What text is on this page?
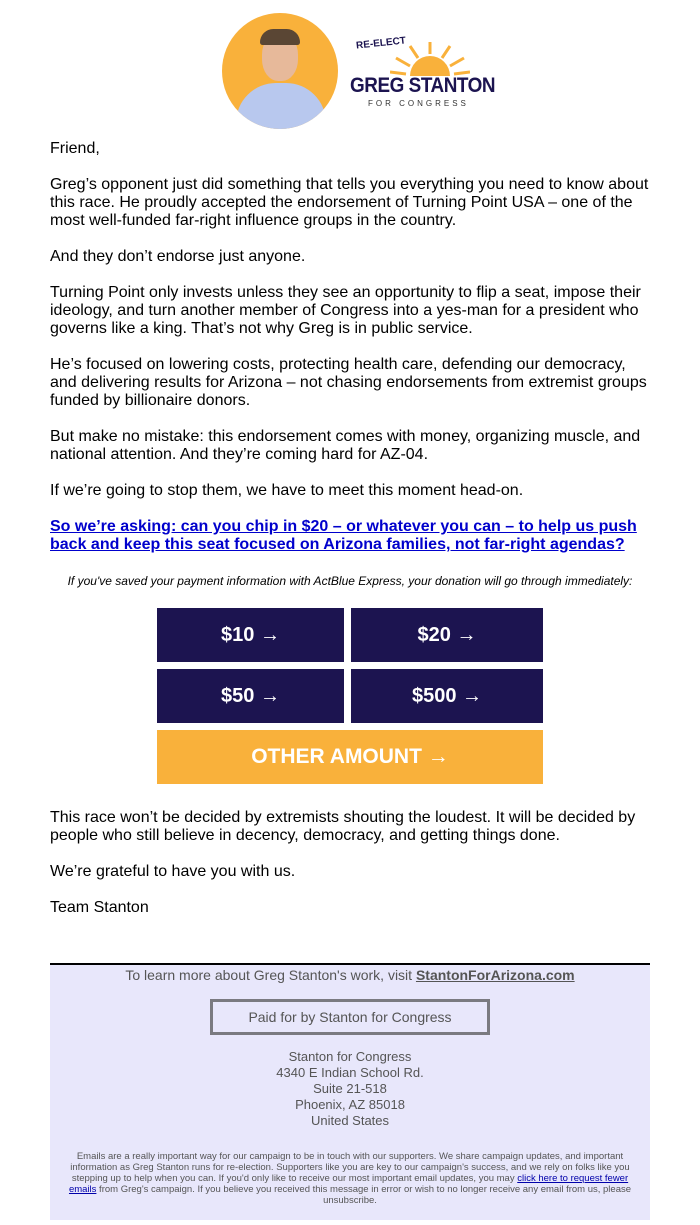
RE-ELECT
GREG STANTON
FOR CONGRESS

Friend,

Greg’s opponent just did something that tells you everything you need to know about this race. He proudly accepted the endorsement of Turning Point USA – one of the most well-funded far-right influence groups in the country.

And they don’t endorse just anyone.

Turning Point only invests unless they see an opportunity to flip a seat, impose their ideology, and turn another member of Congress into a yes-man for a president who governs like a king. That’s not why Greg is in public service.

He’s focused on lowering costs, protecting health care, defending our democracy, and delivering results for Arizona – not chasing endorsements from extremist groups funded by billionaire donors.

But make no mistake: this endorsement comes with money, organizing muscle, and national attention. And they’re coming hard for AZ-04.

If we’re going to stop them, we have to meet this moment head-on.

So we’re asking: can you chip in $20 – or whatever you can – to help us push back and keep this seat focused on Arizona families, not far-right agendas?

If you've saved your payment information with ActBlue Express, your donation will go through immediately:

$10 →	$20 →
$50 →	$500 →
OTHER AMOUNT →

This race won’t be decided by extremists shouting the loudest. It will be decided by people who still believe in decency, democracy, and getting things done.

We’re grateful to have you with us.

Team Stanton

To learn more about Greg Stanton's work, visit StantonForArizona.com
Paid for by Stanton for Congress
Stanton for Congress
4340 E Indian School Rd.
Suite 21-518
Phoenix, AZ 85018
United States
Emails are a really important way for our campaign to be in touch with our supporters. We share campaign updates, and important information as Greg Stanton runs for re-election. Supporters like you are key to our campaign's success, and we rely on folks like you stepping up to help when you can. If you'd only like to receive our most important email updates, you may click here to request fewer emails from Greg's campaign. If you believe you received this message in error or wish to no longer receive any email from us, please unsubscribe.
